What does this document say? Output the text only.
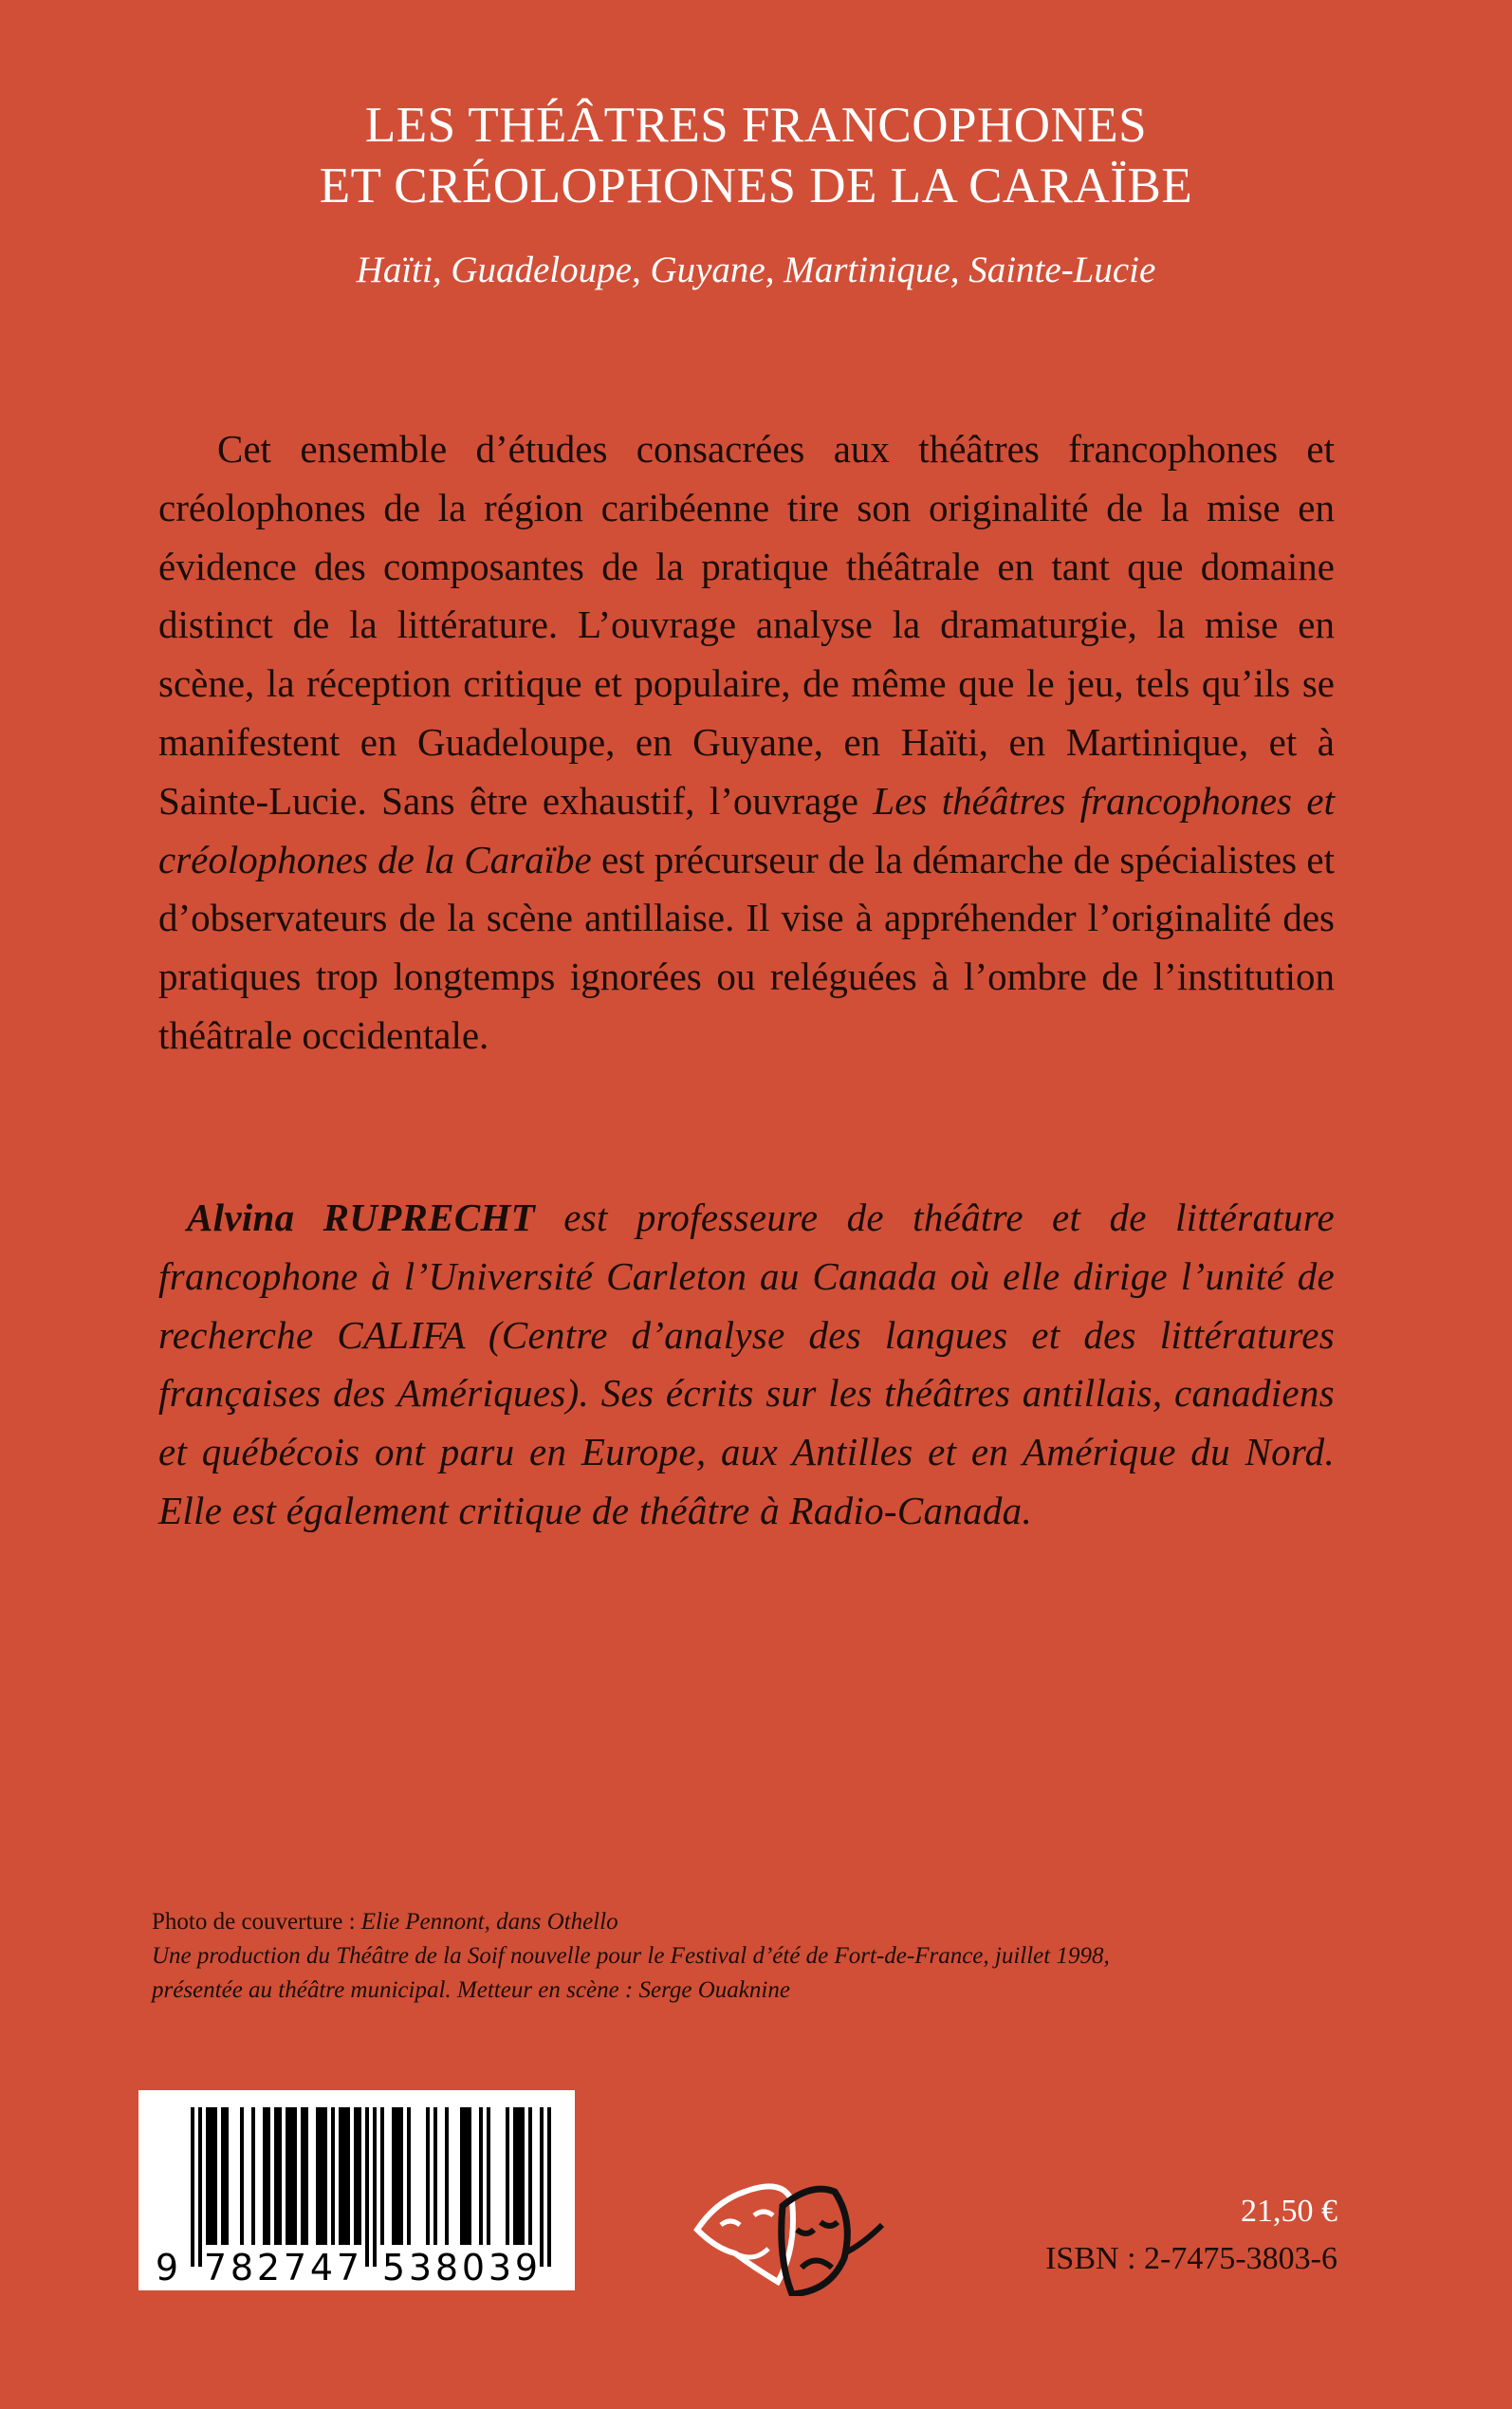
LES THÉÂTRES FRANCOPHONES
ET CRÉOLOPHONES DE LA CARAÏBE
Haïti, Guadeloupe, Guyane, Martinique, Sainte-Lucie

Cet ensemble d’études consacrées aux théâtres francophones et créolophones de la région caribéenne tire son originalité de la mise en évidence des composantes de la pratique théâtrale en tant que domaine distinct de la littérature. L’ouvrage analyse la dramaturgie, la mise en scène, la réception critique et populaire, de même que le jeu, tels qu’ils se manifestent en Guadeloupe, en Guyane, en Haïti, en Martinique, et à Sainte-Lucie. Sans être exhaustif, l’ouvrage Les théâtres francophones et créolophones de la Caraïbe est précurseur de la démarche de spécialistes et d’observateurs de la scène antillaise. Il vise à appréhender l’originalité des pratiques trop longtemps ignorées ou reléguées à l’ombre de l’institution théâtrale occidentale.

Alvina RUPRECHT est professeure de théâtre et de littérature francophone à l’Université Carleton au Canada où elle dirige l’unité de recherche CALIFA (Centre d’analyse des langues et des littératures françaises des Amériques). Ses écrits sur les théâtres antillais, canadiens et québécois ont paru en Europe, aux Antilles et en Amérique du Nord. Elle est également critique de théâtre à Radio-Canada.

Photo de couverture : Elie Pennont, dans Othello
Une production du Théâtre de la Soif nouvelle pour le Festival d’été de Fort-de-France, juillet 1998,
présentée au théâtre municipal. Metteur en scène : Serge Ouaknine
9 7 8 2 7 4 7 5 3 8 0 3 9
21,50 €
ISBN : 2-7475-3803-6
